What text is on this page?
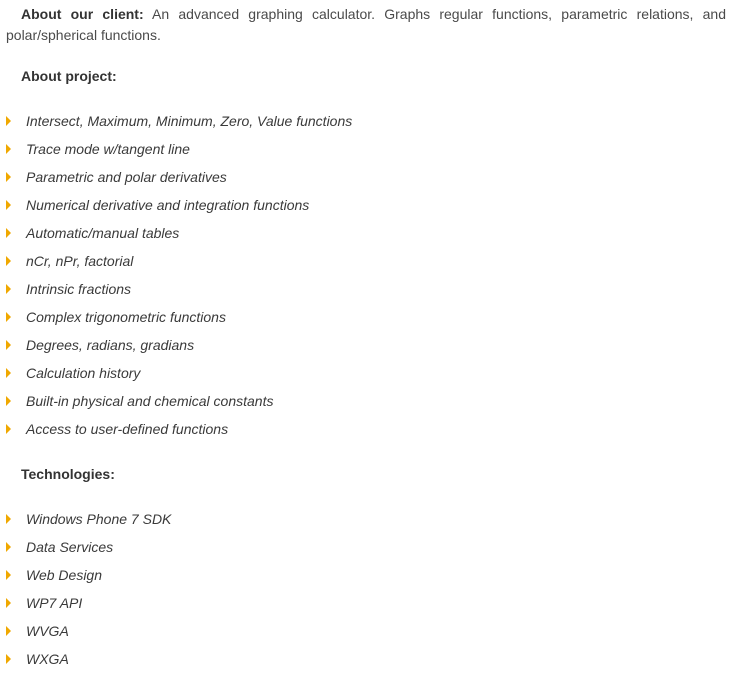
About our client: An advanced graphing calculator. Graphs regular functions, parametric relations, and polar/spherical functions.

About project:
Intersect, Maximum, Minimum, Zero, Value functions
Trace mode w/tangent line
Parametric and polar derivatives
Numerical derivative and integration functions
Automatic/manual tables
nCr, nPr, factorial
Intrinsic fractions
Complex trigonometric functions
Degrees, radians, gradians
Calculation history
Built-in physical and chemical constants
Access to user-defined functions
Technologies:
Windows Phone 7 SDK
Data Services
Web Design
WP7 API
WVGA
WXGA
